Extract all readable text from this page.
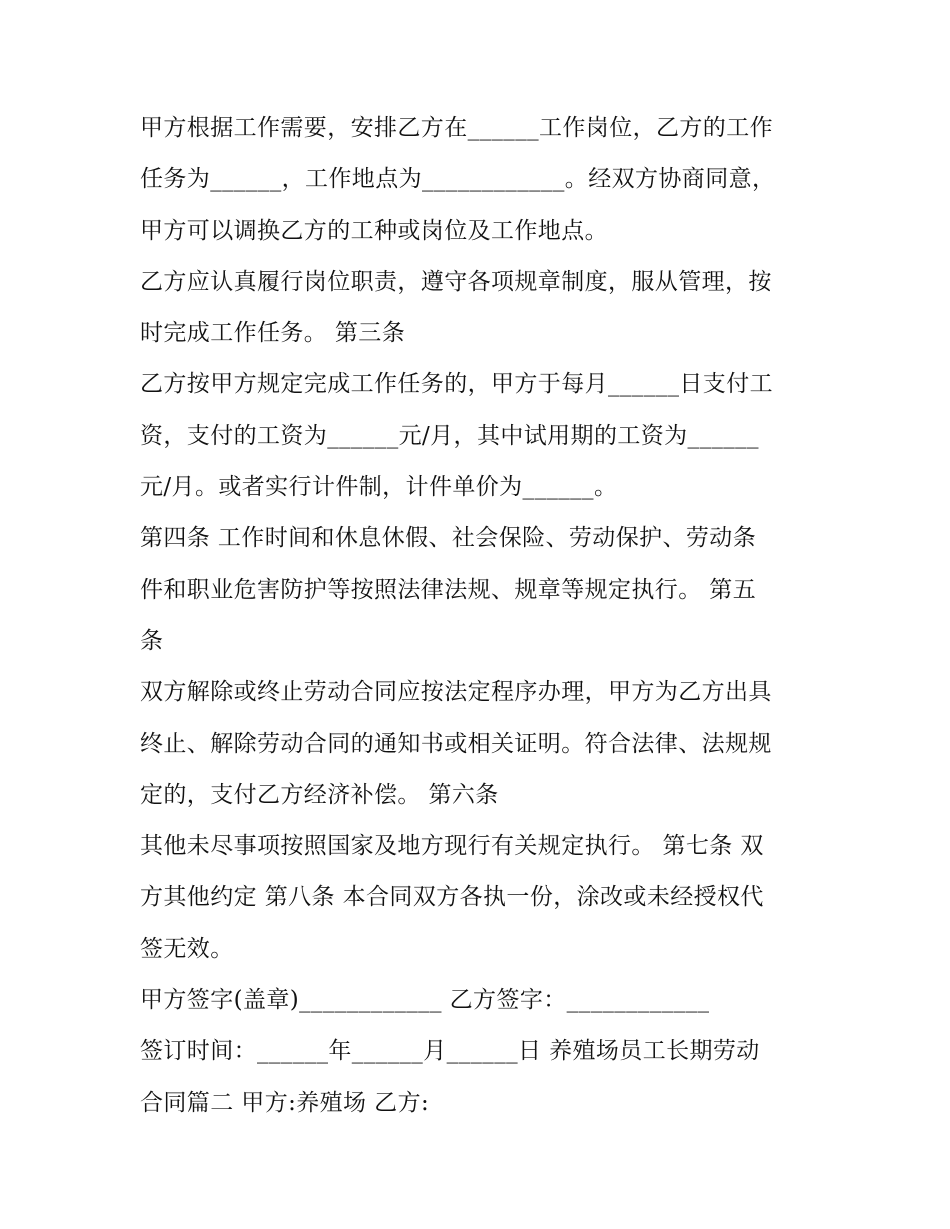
甲方根据工作需要，安排乙方在______工作岗位，乙方的工作
任务为______，工作地点为____________。经双方协商同意，
甲方可以调换乙方的工种或岗位及工作地点。
乙方应认真履行岗位职责，遵守各项规章制度，服从管理，按
时完成工作任务。 第三条
乙方按甲方规定完成工作任务的，甲方于每月______日支付工
资，支付的工资为______元/月，其中试用期的工资为______
元/月。或者实行计件制，计件单价为______。
第四条 工作时间和休息休假、社会保险、劳动保护、劳动条
件和职业危害防护等按照法律法规、规章等规定执行。 第五
条
双方解除或终止劳动合同应按法定程序办理，甲方为乙方出具
终止、解除劳动合同的通知书或相关证明。符合法律、法规规
定的，支付乙方经济补偿。 第六条
其他未尽事项按照国家及地方现行有关规定执行。 第七条 双
方其他约定 第八条 本合同双方各执一份，涂改或未经授权代
签无效。
甲方签字(盖章)____________ 乙方签字：____________
签订时间：______年______月______日 养殖场员工长期劳动
合同篇二 甲方:养殖场 乙方:
